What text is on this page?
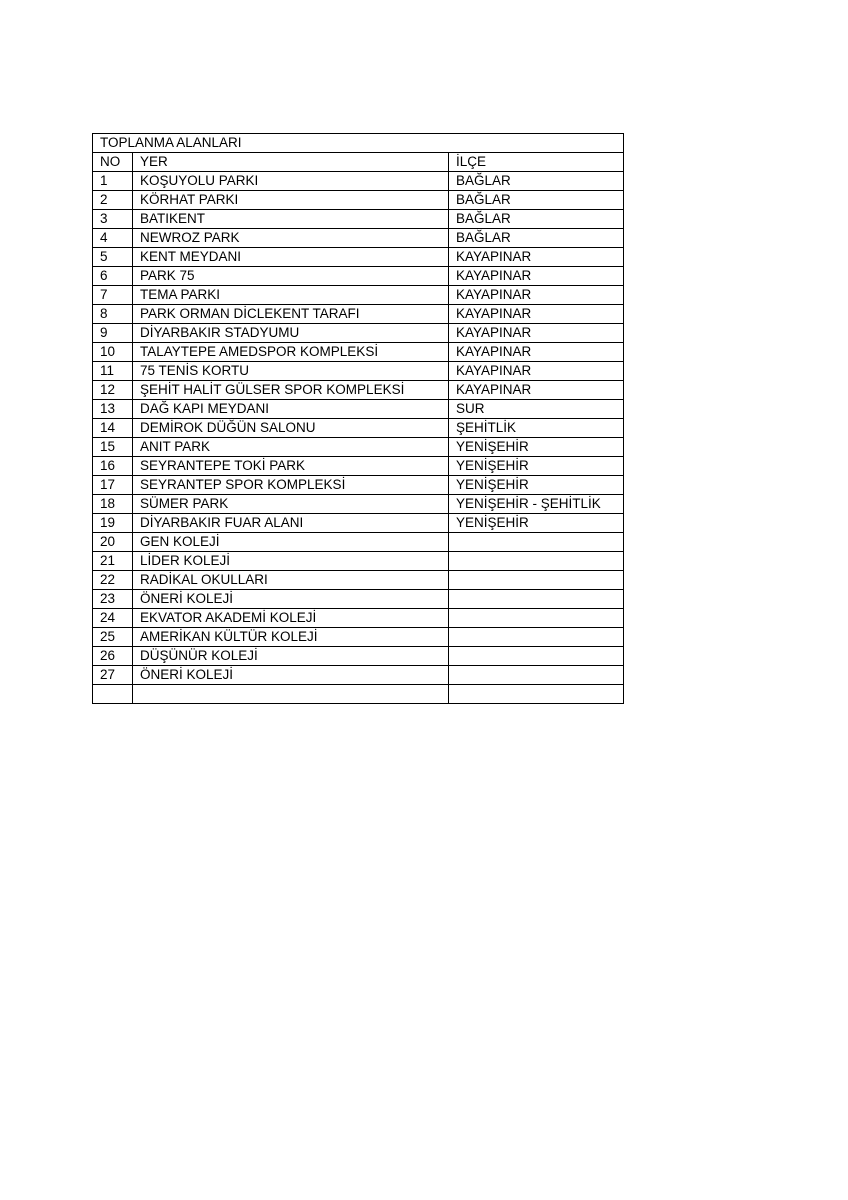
TOPLANMA ALANLARI		
NO	YER	İLÇE
1	KOŞUYOLU PARKI	BAĞLAR
2	KÖRHAT PARKI	BAĞLAR
3	BATIKENT	BAĞLAR
4	NEWROZ PARK	BAĞLAR
5	KENT MEYDANI	KAYAPINAR
6	PARK 75	KAYAPINAR
7	TEMA PARKI	KAYAPINAR
8	PARK ORMAN DİCLEKENT TARAFI	KAYAPINAR
9	DİYARBAKIR STADYUMU	KAYAPINAR
10	TALAYTEPE AMEDSPOR KOMPLEKSİ	KAYAPINAR
11	75 TENİS KORTU	KAYAPINAR
12	ŞEHİT HALİT GÜLSER SPOR KOMPLEKSİ	KAYAPINAR
13	DAĞ KAPI MEYDANI	SUR
14	DEMİROK DÜĞÜN SALONU	ŞEHİTLİK
15	ANIT PARK	YENİŞEHİR
16	SEYRANTEPE TOKİ PARK	YENİŞEHİR
17	SEYRANTEP SPOR KOMPLEKSİ	YENİŞEHİR
18	SÜMER PARK	YENİŞEHİR - ŞEHİTLİK
19	DİYARBAKIR FUAR ALANI	YENİŞEHİR
20	GEN KOLEJİ	
21	LİDER KOLEJİ	
22	RADİKAL OKULLARI	
23	ÖNERİ KOLEJİ	
24	EKVATOR AKADEMİ KOLEJİ	
25	AMERİKAN KÜLTÜR KOLEJİ	
26	DÜŞÜNÜR KOLEJİ	
27	ÖNERİ KOLEJİ	
